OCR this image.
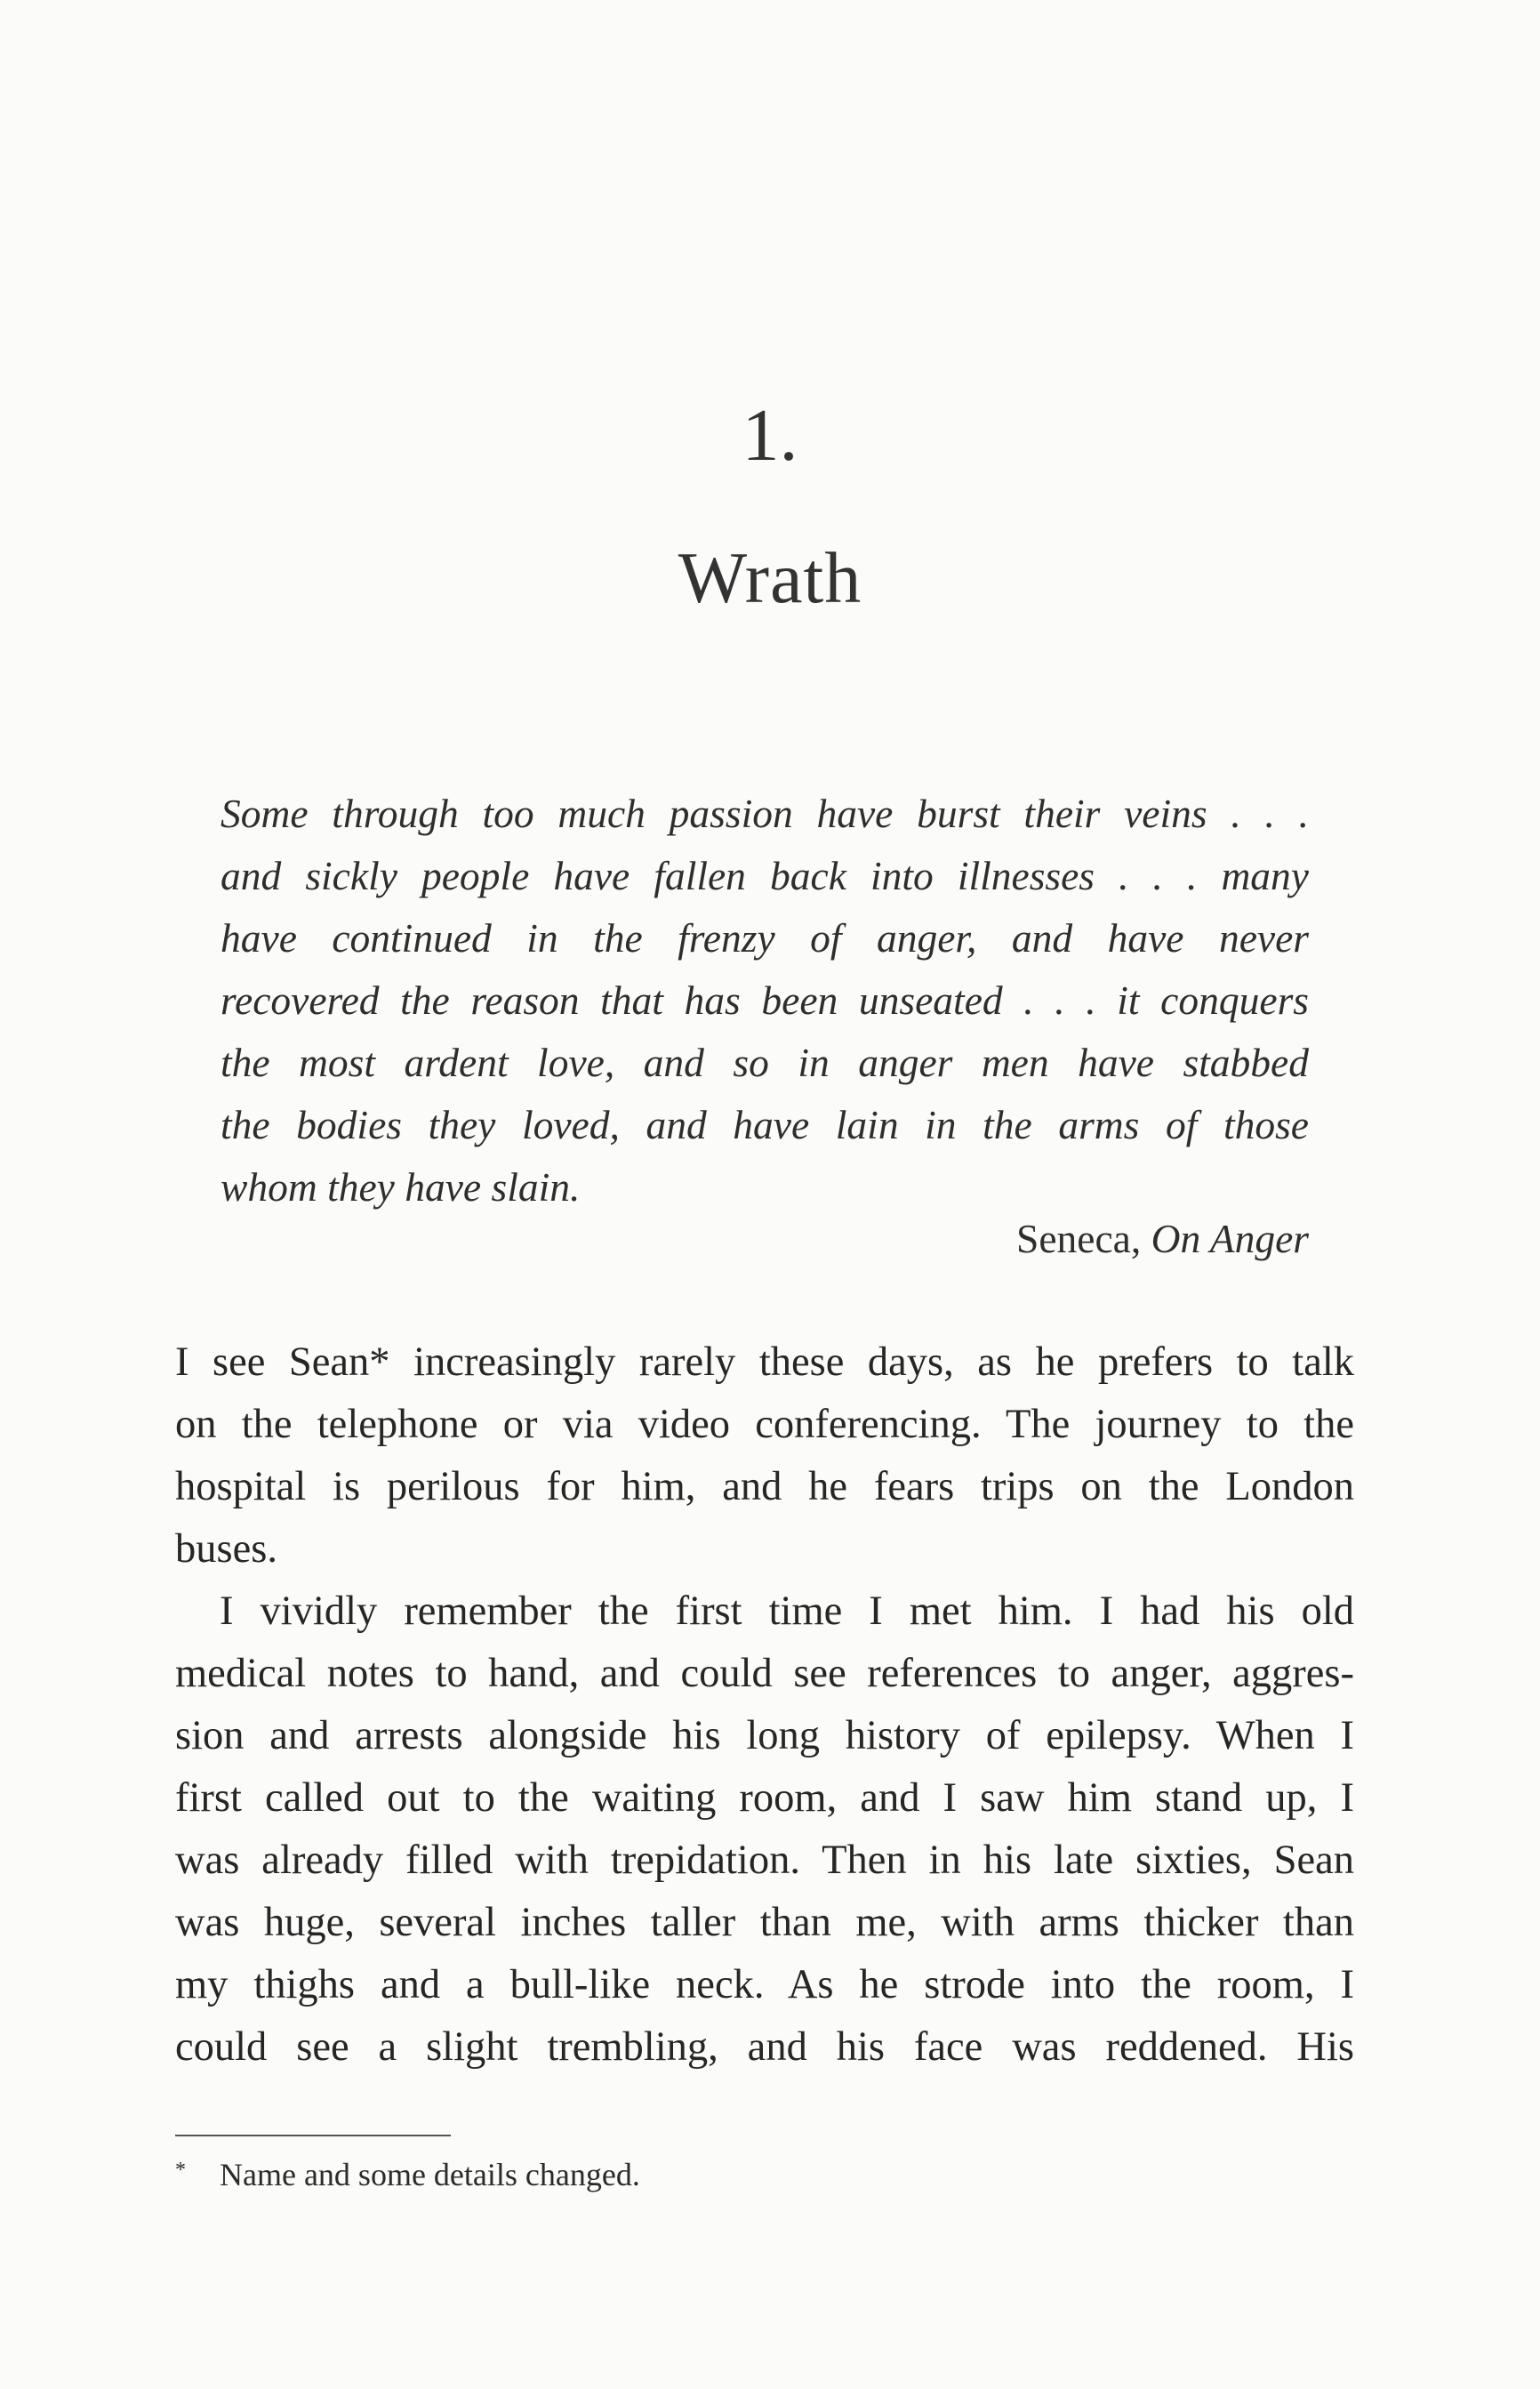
1.
Wrath
Some through too much passion have burst their veins . . .
and sickly people have fallen back into illnesses . . . many
have continued in the frenzy of anger, and have never
recovered the reason that has been unseated . . . it conquers
the most ardent love, and so in anger men have stabbed
the bodies they loved, and have lain in the arms of those
whom they have slain.
Seneca, On Anger
I see Sean* increasingly rarely these days, as he prefers to talk
on the telephone or via video conferencing. The journey to the
hospital is perilous for him, and he fears trips on the London
buses.
I vividly remember the first time I met him. I had his old
medical notes to hand, and could see references to anger, aggres-
sion and arrests alongside his long history of epilepsy. When I
first called out to the waiting room, and I saw him stand up, I
was already filled with trepidation. Then in his late sixties, Sean
was huge, several inches taller than me, with arms thicker than
my thighs and a bull-like neck. As he strode into the room, I
could see a slight trembling, and his face was reddened. His
* Name and some details changed.
